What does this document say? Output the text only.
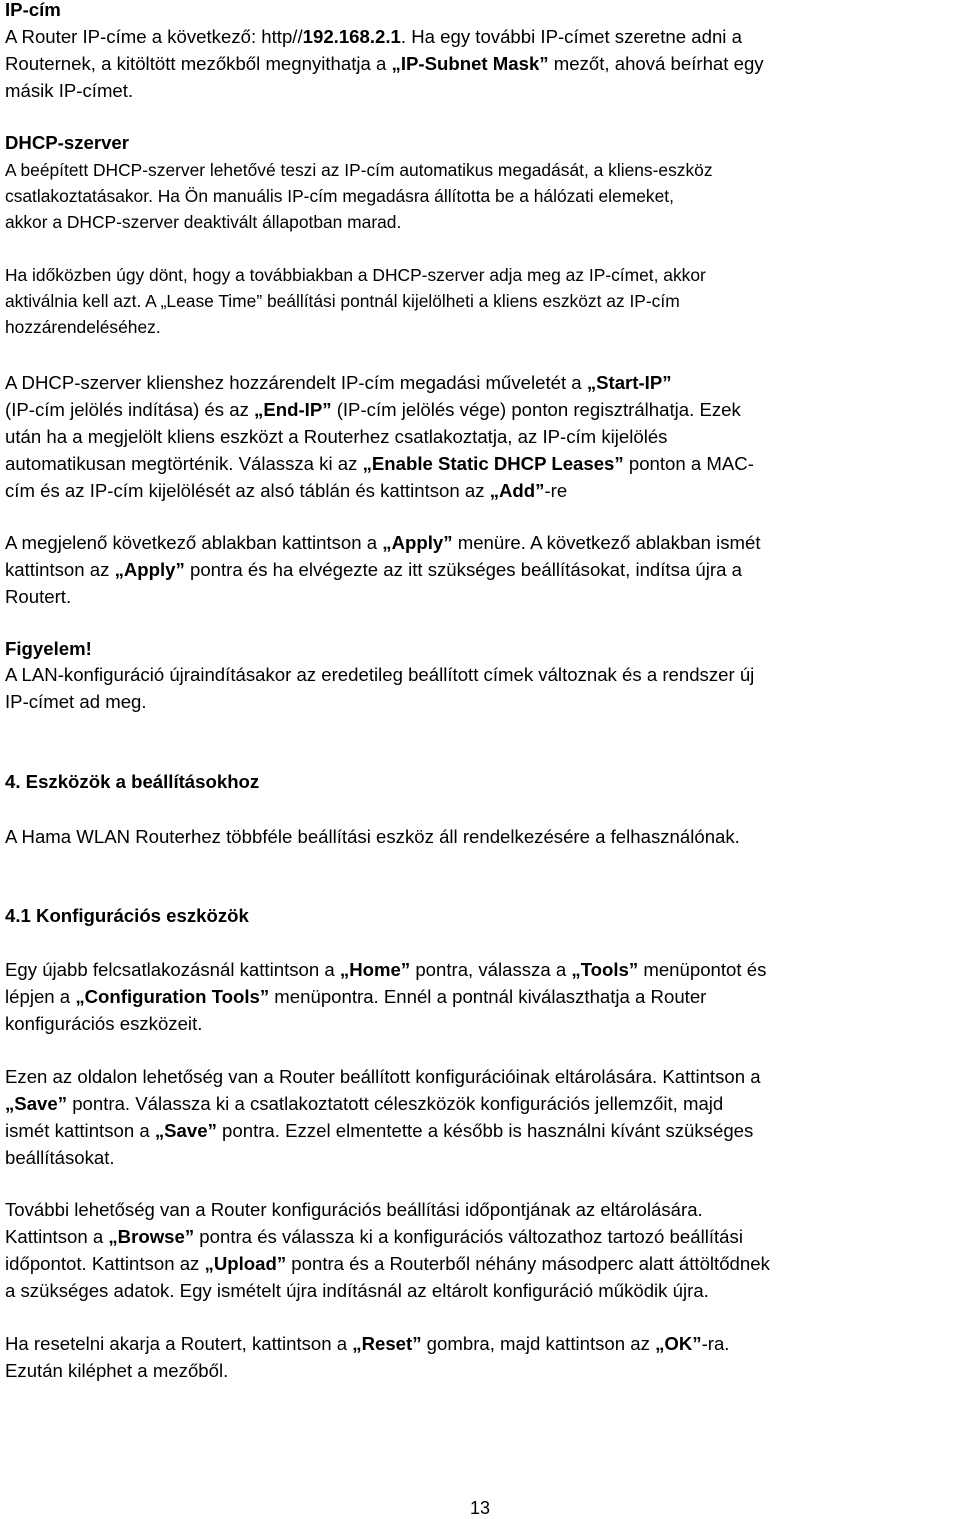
IP-cím
A Router IP-címe a következő: http//192.168.2.1. Ha egy további IP-címet szeretne adni a
Routernek, a kitöltött mezőkből megnyithatja a „IP-Subnet Mask” mezőt, ahová beírhat egy
másik IP-címet.
DHCP-szerver
A beépített DHCP-szerver lehetővé teszi az IP-cím automatikus megadását, a kliens-eszköz
csatlakoztatásakor. Ha Ön manuális IP-cím megadásra állította be a hálózati elemeket,
akkor a DHCP-szerver deaktivált állapotban marad.
Ha időközben úgy dönt, hogy a továbbiakban a DHCP-szerver adja meg az IP-címet, akkor
aktiválnia kell azt. A „Lease Time” beállítási pontnál kijelölheti a kliens eszközt az IP-cím
hozzárendeléséhez.
A DHCP-szerver klienshez hozzárendelt IP-cím megadási műveletét a „Start-IP”
(IP-cím jelölés indítása) és az „End-IP” (IP-cím jelölés vége) ponton regisztrálhatja. Ezek
után ha a megjelölt kliens eszközt a Routerhez csatlakoztatja, az IP-cím kijelölés
automatikusan megtörténik. Válassza ki az „Enable Static DHCP Leases” ponton a MAC-
cím és az IP-cím kijelölését az alsó táblán és kattintson az „Add”-re
A megjelenő következő ablakban kattintson a „Apply” menüre. A következő ablakban ismét
kattintson az „Apply” pontra és ha elvégezte az itt szükséges beállításokat, indítsa újra a
Routert.
Figyelem!
A LAN-konfiguráció újraindításakor az eredetileg beállított címek változnak és a rendszer új
IP-címet ad meg.
4. Eszközök a beállításokhoz
A Hama WLAN Routerhez többféle beállítási eszköz áll rendelkezésére a felhasználónak.
4.1 Konfigurációs eszközök
Egy újabb felcsatlakozásnál kattintson a „Home” pontra, válassza a „Tools” menüpontot és
lépjen a „Configuration Tools” menüpontra. Ennél a pontnál kiválaszthatja a Router
konfigurációs eszközeit.
Ezen az oldalon lehetőség van a Router beállított konfigurációinak eltárolására. Kattintson a
„Save” pontra. Válassza ki a csatlakoztatott céleszközök konfigurációs jellemzőit, majd
ismét kattintson a „Save” pontra. Ezzel elmentette a később is használni kívánt szükséges
beállításokat.
További lehetőség van a Router konfigurációs beállítási időpontjának az eltárolására.
Kattintson a „Browse” pontra és válassza ki a konfigurációs változathoz tartozó beállítási
időpontot. Kattintson az „Upload” pontra és a Routerből néhány másodperc alatt áttöltődnek
a szükséges adatok. Egy ismételt újra indításnál az eltárolt konfiguráció működik újra.
Ha resetelni akarja a Routert, kattintson a „Reset” gombra, majd kattintson az „OK”-ra.
Ezután kiléphet a mezőből.
13
